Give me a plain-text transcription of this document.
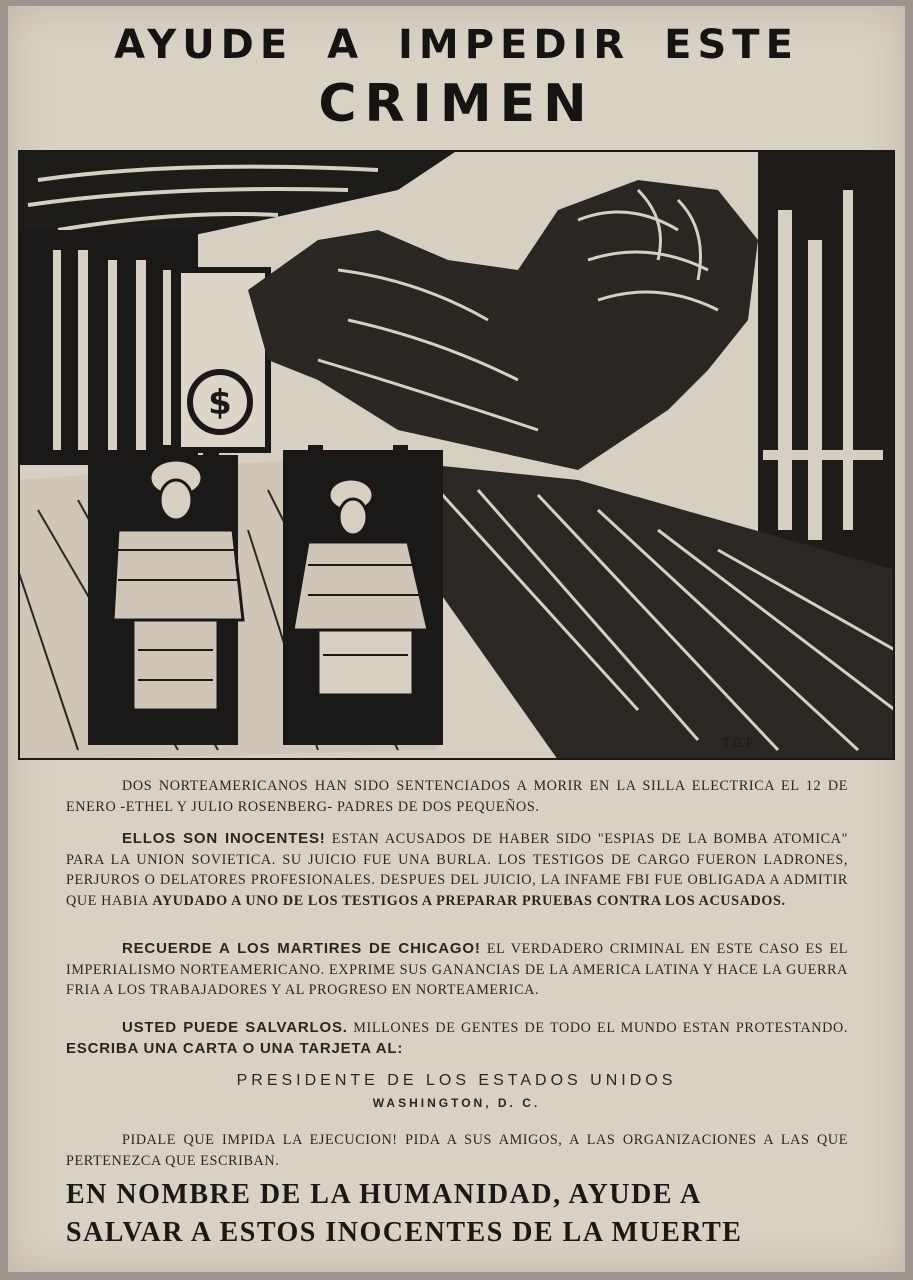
AYUDE A IMPEDIR ESTE
CRIMEN
$
T.G.P.
DOS NORTEAMERICANOS HAN SIDO SENTENCIADOS A MORIR EN LA SILLA ELECTRICA EL 12 DE ENERO -ETHEL Y JULIO ROSENBERG- PADRES DE DOS PEQUEÑOS.
ELLOS SON INOCENTES! ESTAN ACUSADOS DE HABER SIDO "ESPIAS DE LA BOMBA ATOMICA" PARA LA UNION SOVIETICA. SU JUICIO FUE UNA BURLA. LOS TESTIGOS DE CARGO FUERON LADRONES, PERJUROS O DELATORES PROFESIONALES. DESPUES DEL JUICIO, LA INFAME FBI FUE OBLIGADA A ADMITIR QUE HABIA AYUDADO A UNO DE LOS TESTIGOS A PREPARAR PRUEBAS CONTRA LOS ACUSADOS.
RECUERDE A LOS MARTIRES DE CHICAGO! EL VERDADERO CRIMINAL EN ESTE CASO ES EL IMPERIALISMO NORTEAMERICANO. EXPRIME SUS GANANCIAS DE LA AMERICA LATINA Y HACE LA GUERRA FRIA A LOS TRABAJADORES Y AL PROGRESO EN NORTEAMERICA.
USTED PUEDE SALVARLOS. MILLONES DE GENTES DE TODO EL MUNDO ESTAN PROTESTANDO. ESCRIBA UNA CARTA O UNA TARJETA AL:
PRESIDENTE DE LOS ESTADOS UNIDOS
WASHINGTON, D. C.
PIDALE QUE IMPIDA LA EJECUCION! PIDA A SUS AMIGOS, A LAS ORGANIZACIONES A LAS QUE PERTENEZCA QUE ESCRIBAN.
EN NOMBRE DE LA HUMANIDAD, AYUDE A
SALVAR A ESTOS INOCENTES DE LA MUERTE
